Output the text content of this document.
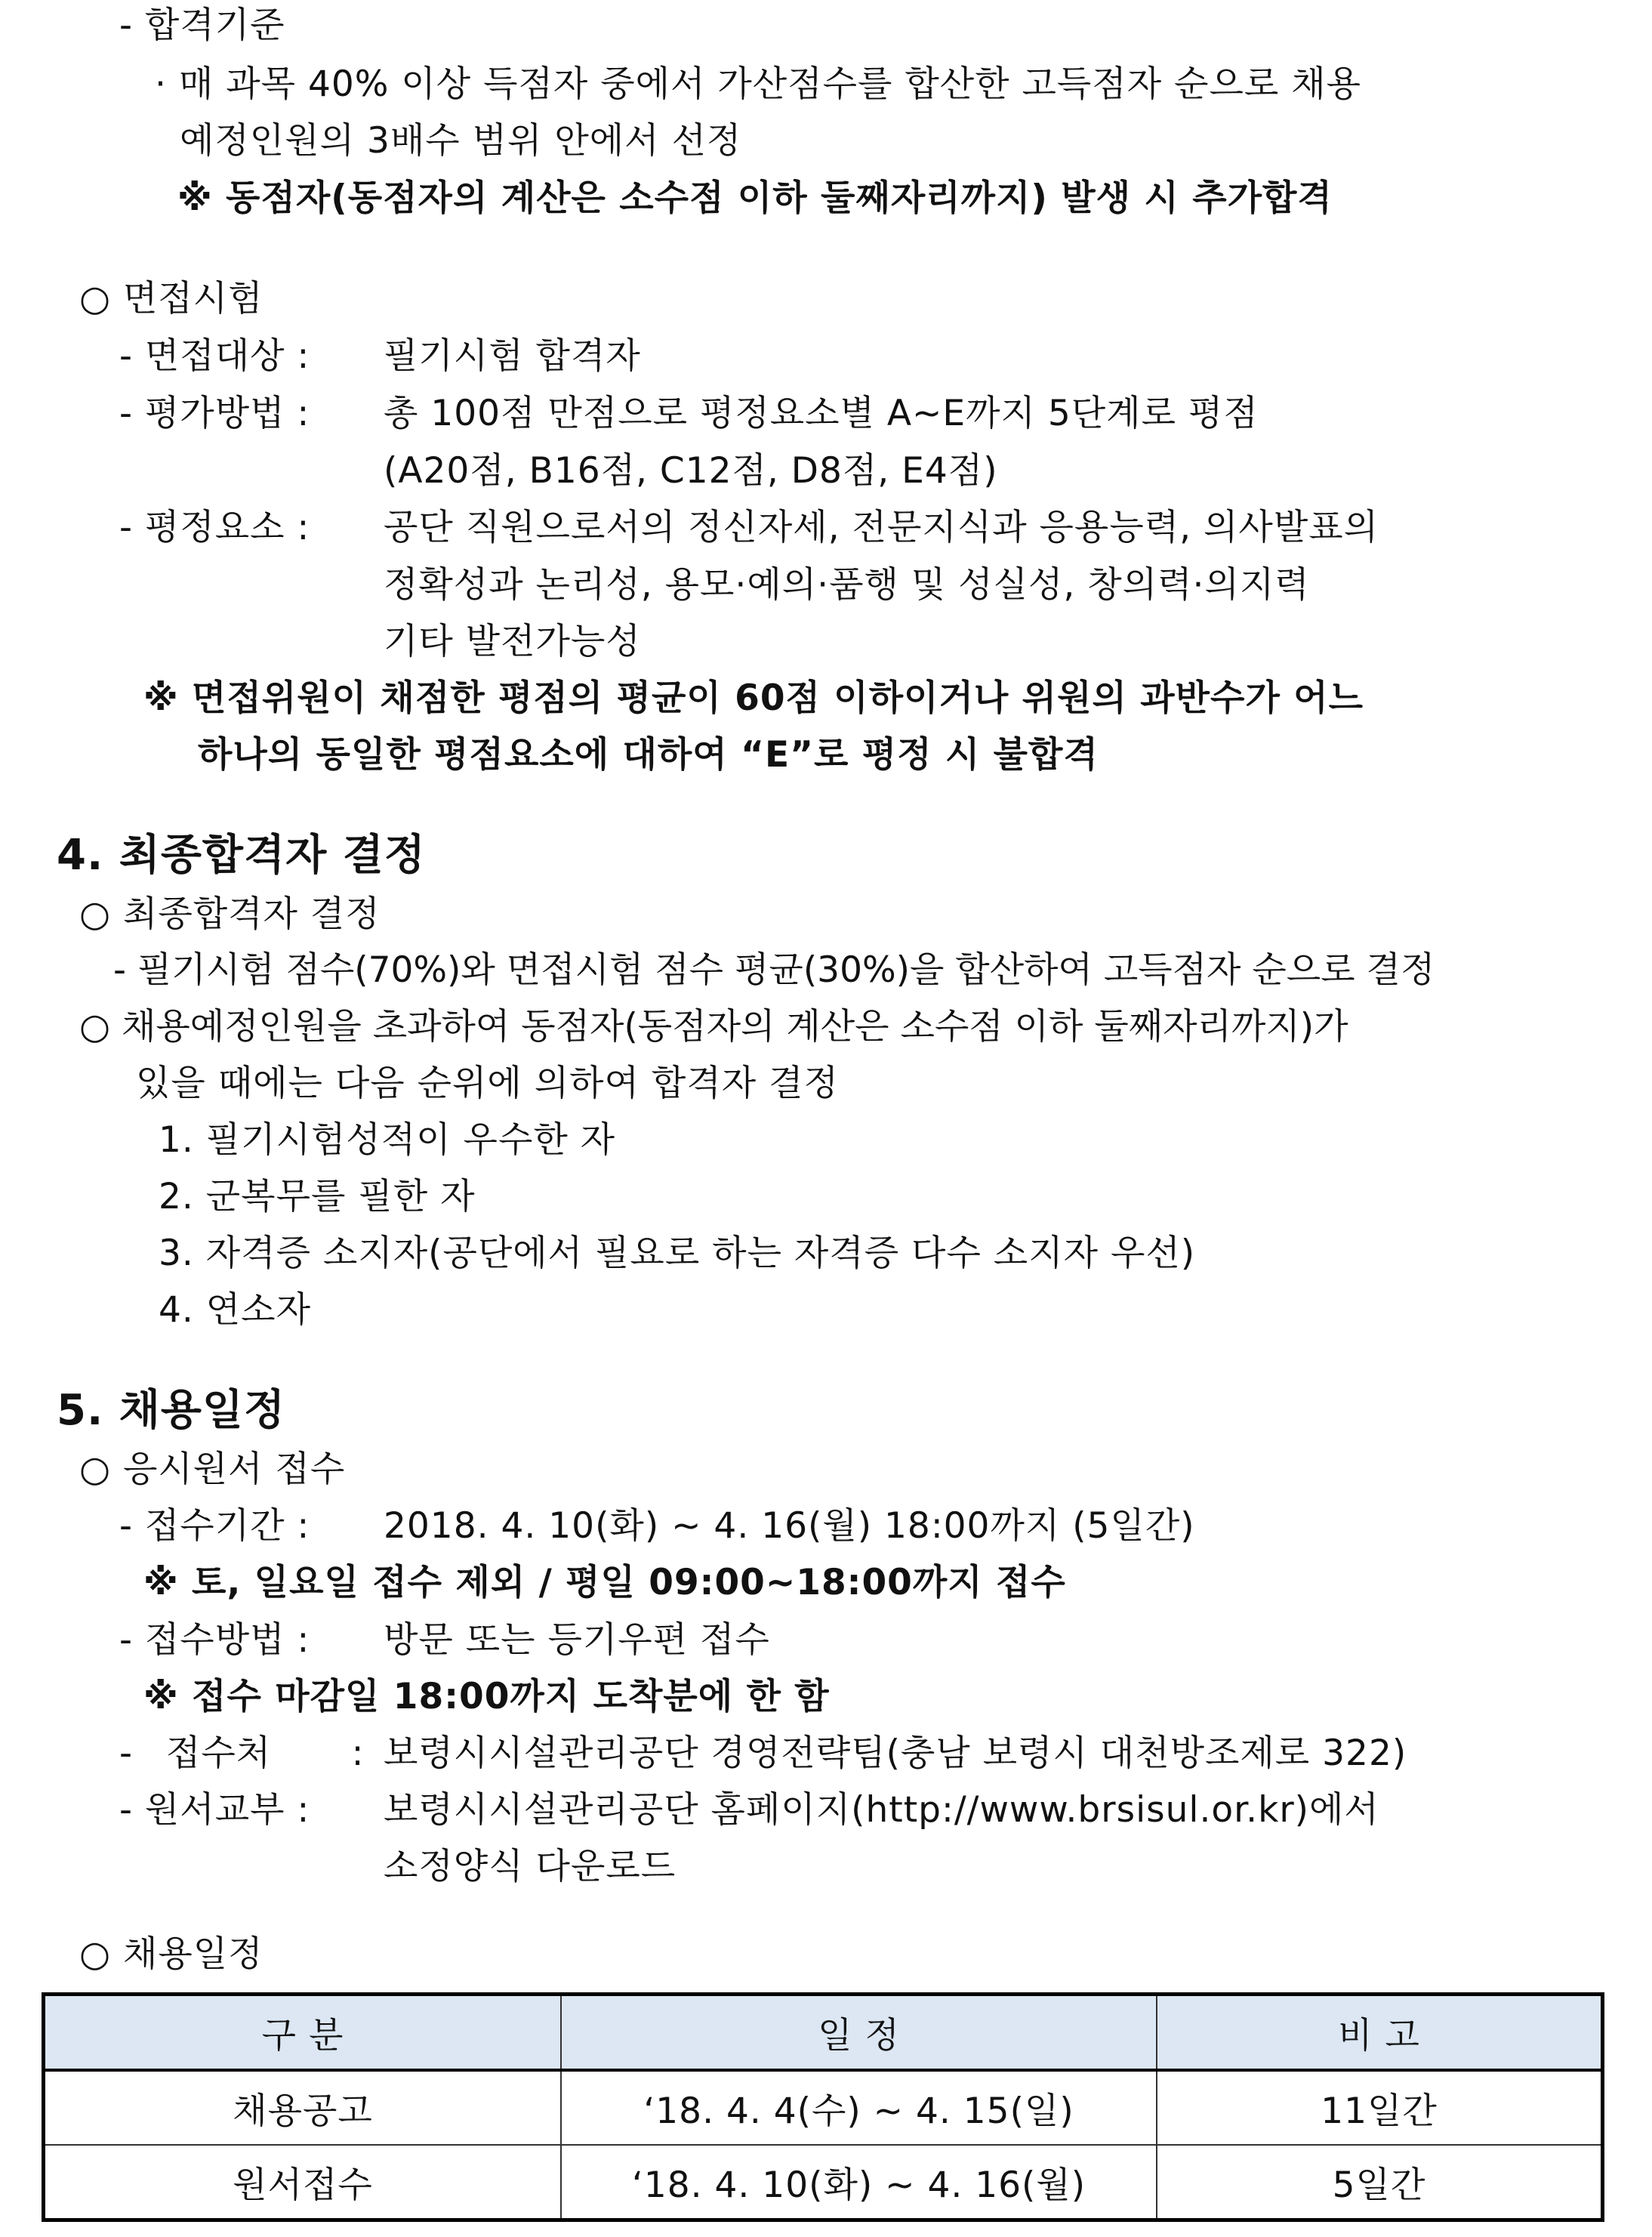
- 합격기준
· 매 과목 40% 이상 득점자 중에서 가산점수를 합산한 고득점자 순으로 채용
예정인원의 3배수 범위 안에서 선정
※ 동점자(동점자의 계산은 소수점 이하 둘째자리까지) 발생 시 추가합격
○ 면접시험
- 면접대상 : 필기시험 합격자
- 평가방법 : 총 100점 만점으로 평정요소별 A~E까지 5단계로 평점
(A20점, B16점, C12점, D8점, E4점)
- 평정요소 : 공단 직원으로서의 정신자세, 전문지식과 응용능력, 의사발표의
정확성과 논리성, 용모·예의·품행 및 성실성, 창의력·의지력
기타 발전가능성
※ 면접위원이 채점한 평점의 평균이 60점 이하이거나 위원의 과반수가 어느
하나의 동일한 평점요소에 대하여 “E”로 평정 시 불합격
4. 최종합격자 결정
○ 최종합격자 결정
- 필기시험 점수(70%)와 면접시험 점수 평균(30%)을 합산하여 고득점자 순으로 결정
○ 채용예정인원을 초과하여 동점자(동점자의 계산은 소수점 이하 둘째자리까지)가
있을 때에는 다음 순위에 의하여 합격자 결정
1. 필기시험성적이 우수한 자
2. 군복무를 필한 자
3. 자격증 소지자(공단에서 필요로 하는 자격증 다수 소지자 우선)
4. 연소자
5. 채용일정
○ 응시원서 접수
- 접수기간 : 2018. 4. 10(화) ~ 4. 16(월) 18:00까지 (5일간)
※ 토, 일요일 접수 제외 / 평일 09:00~18:00까지 접수
- 접수방법 : 방문 또는 등기우편 접수
※ 접수 마감일 18:00까지 도착분에 한 함
- 접수처 : 보령시시설관리공단 경영전략팀(충남 보령시 대천방조제로 322)
- 원서교부 : 보령시시설관리공단 홈페이지(http://www.brsisul.or.kr)에서
소정양식 다운로드
○ 채용일정
구 분	일 정	비 고
채용공고	‘18. 4. 4(수) ~ 4. 15(일)	11일간
원서접수	‘18. 4. 10(화) ~ 4. 16(월)	5일간
